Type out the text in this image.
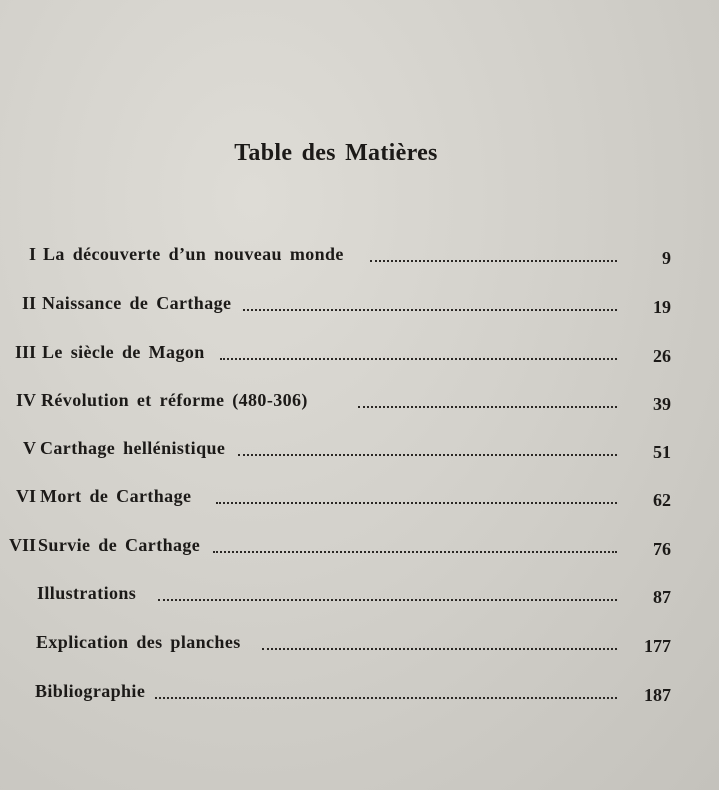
Table des Matières
I La découverte d’un nouveau monde	9
II Naissance de Carthage	19
III Le siècle de Magon	26
IV Révolution et réforme (480-306)	39
V Carthage hellénistique	51
VI Mort de Carthage	62
VII Survie de Carthage	76
Illustrations	87
Explication des planches	177
Bibliographie	187
